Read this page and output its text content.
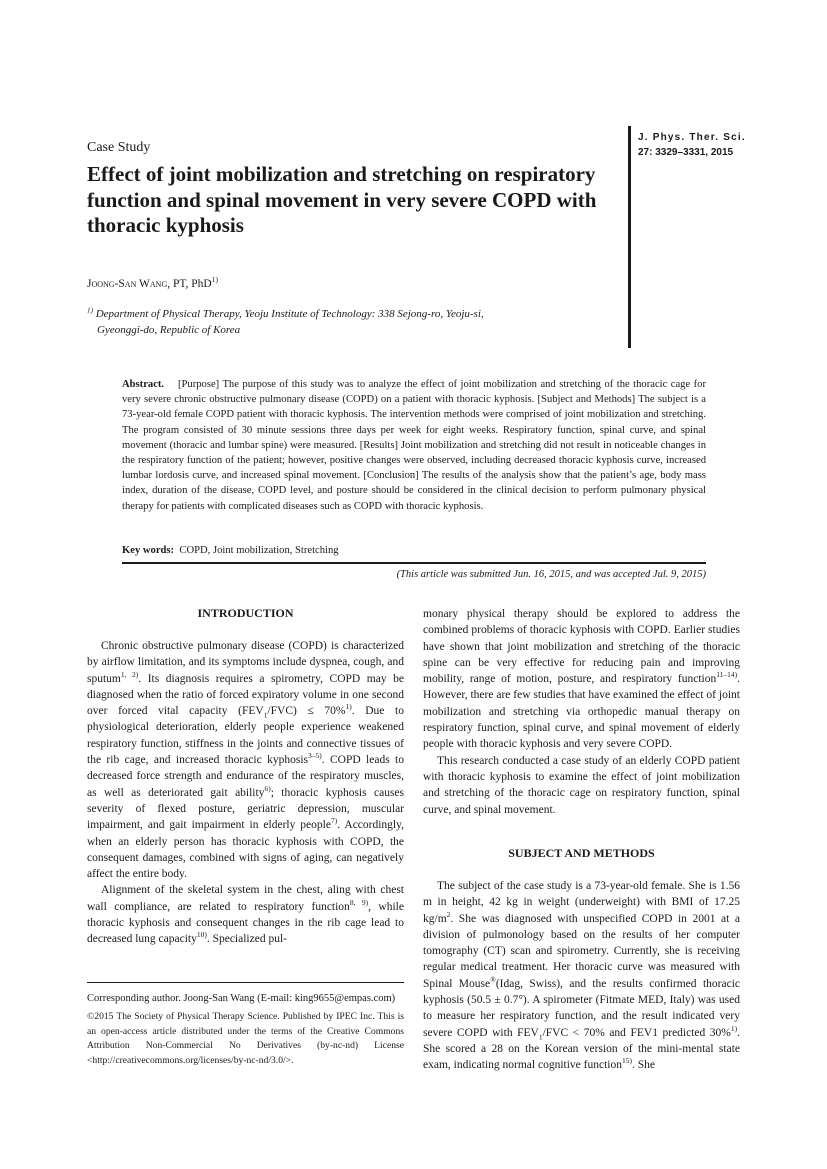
Case Study
Effect of joint mobilization and stretching on respiratory function and spinal movement in very severe COPD with thoracic kyphosis
J. Phys. Ther. Sci.
27: 3329–3331, 2015
Joong-San Wang, PT, PhD$^{1)}$
$^{1)}$ Department of Physical Therapy, Yeoju Institute of Technology: 338 Sejong-ro, Yeoju-si,
Gyeonggi-do, Republic of Korea

Abstract. [Purpose] The purpose of this study was to analyze the effect of joint mobilization and stretching of the thoracic cage for very severe chronic obstructive pulmonary disease (COPD) on a patient with thoracic kyphosis. [Subject and Methods] The subject is a 73-year-old female COPD patient with thoracic kyphosis. The intervention methods were comprised of joint mobilization and stretching. The program consisted of 30 minute sessions three days per week for eight weeks. Respiratory function, spinal curve, and spinal movement (thoracic and lumbar spine) were measured. [Results] Joint mobilization and stretching did not result in noticeable changes in the respiratory function of the patient; however, positive changes were observed, including decreased thoracic kyphosis curve, increased lumbar lordosis curve, and increased spinal movement. [Conclusion] The results of the analysis show that the patient’s age, body mass index, duration of the disease, COPD level, and posture should be considered in the clinical decision to perform pulmonary physical therapy for patients with complicated diseases such as COPD with thoracic kyphosis.

Key words: COPD, Joint mobilization, Stretching
(This article was submitted Jun. 16, 2015, and was accepted Jul. 9, 2015)
INTRODUCTION

Chronic obstructive pulmonary disease (COPD) is characterized by airflow limitation, and its symptoms include dyspnea, cough, and sputum$^{1, 2)}$. Its diagnosis requires a spirometry, COPD may be diagnosed when the ratio of forced expiratory volume in one second over forced vital capacity $(FEV_1/FVC) \le 70\%^{1)}$. Due to physiological deterioration, elderly people experience weakened respiratory function, stiffness in the joints and connective tissues of the rib cage, and increased thoracic kyphosis$^{3-5)}$. COPD leads to decreased force strength and endurance of the respiratory muscles, as well as deteriorated gait ability$^{6)}$; thoracic kyphosis causes severity of flexed posture, geriatric depression, muscular impairment, and gait impairment in elderly people$^{7)}$. Accordingly, when an elderly person has thoracic kyphosis with COPD, the consequent damages, combined with signs of aging, can negatively affect the entire body.

Alignment of the skeletal system in the chest, aling with chest wall compliance, are related to respiratory function$^{8, 9)}$, while thoracic kyphosis and consequent changes in the rib cage lead to decreased lung capacity$^{10)}$. Specialized pul-

Corresponding author. Joong-San Wang (E-mail: king9655@empas.com)

©2015 The Society of Physical Therapy Science. Published by IPEC Inc. This is an open-access article distributed under the terms of the Creative Commons Attribution Non-Commercial No Derivatives (by-nc-nd) License <http://creativecommons.org/licenses/by-nc-nd/3.0/>.

monary physical therapy should be explored to address the combined problems of thoracic kyphosis with COPD. Earlier studies have shown that joint mobilization and stretching of the thoracic spine can be very effective for reducing pain and improving mobility, range of motion, posture, and respiratory function$^{11-14)}$. However, there are few studies that have examined the effect of joint mobilization and stretching via orthopedic manual therapy on respiratory function, spinal curve, and spinal movement of elderly people with thoracic kyphosis and very severe COPD.

This research conducted a case study of an elderly COPD patient with thoracic kyphosis to examine the effect of joint mobilization and stretching of the thoracic cage on respiratory function, spinal curve, and spinal movement.

SUBJECT AND METHODS

The subject of the case study is a 73-year-old female. She is 1.56 m in height, 42 kg in weight (underweight) with BMI of 17.25 $kg/m^2$. She was diagnosed with unspecified COPD in 2001 at a division of pulmonology based on the results of her computer tomography (CT) scan and spirometry. Currently, she is receiving regular medical treatment. Her thoracic curve was measured with Spinal Mouse®(Idag, Swiss), and the results confirmed thoracic kyphosis (50.5 ± 0.7°). A spirometer (Fitmate MED, Italy) was used to measure her respiratory function, and the result indicated very severe COPD with $FEV_1$/FVC < 70% and FEV1 predicted 30%$^{1)}$. She scored a 28 on the Korean version of the mini-mental state exam, indicating normal cognitive function$^{15)}$. She
